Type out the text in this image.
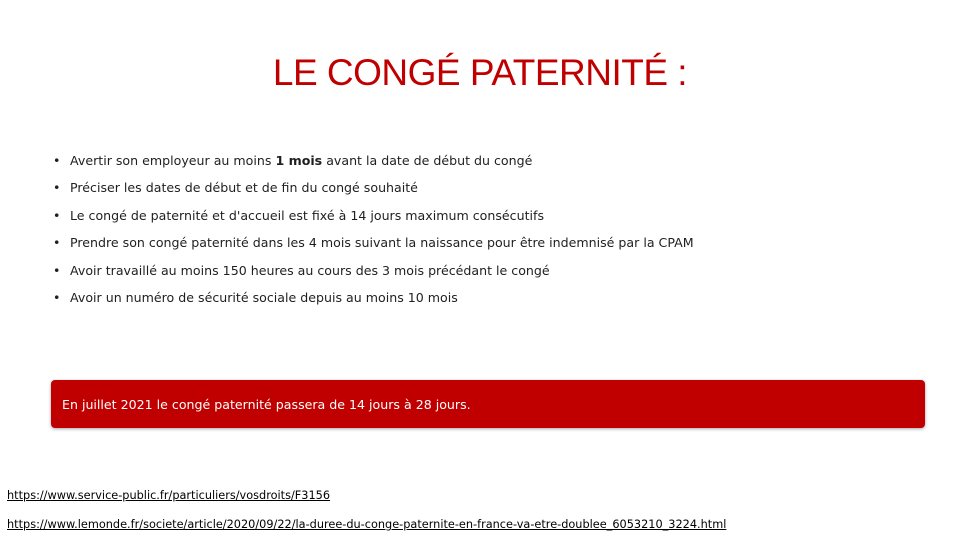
LE CONGÉ PATERNITÉ :
• Avertir son employeur au moins 1 mois avant la date de début du congé
• Préciser les dates de début et de fin du congé souhaité
• Le congé de paternité et d'accueil est fixé à 14 jours maximum consécutifs
• Prendre son congé paternité dans les 4 mois suivant la naissance pour être indemnisé par la CPAM
• Avoir travaillé au moins 150 heures au cours des 3 mois précédant le congé
• Avoir un numéro de sécurité sociale depuis au moins 10 mois
En juillet 2021 le congé paternité passera de 14 jours à 28 jours.
https://www.service-public.fr/particuliers/vosdroits/F3156
https://www.lemonde.fr/societe/article/2020/09/22/la-duree-du-conge-paternite-en-france-va-etre-doublee_6053210_3224.html
